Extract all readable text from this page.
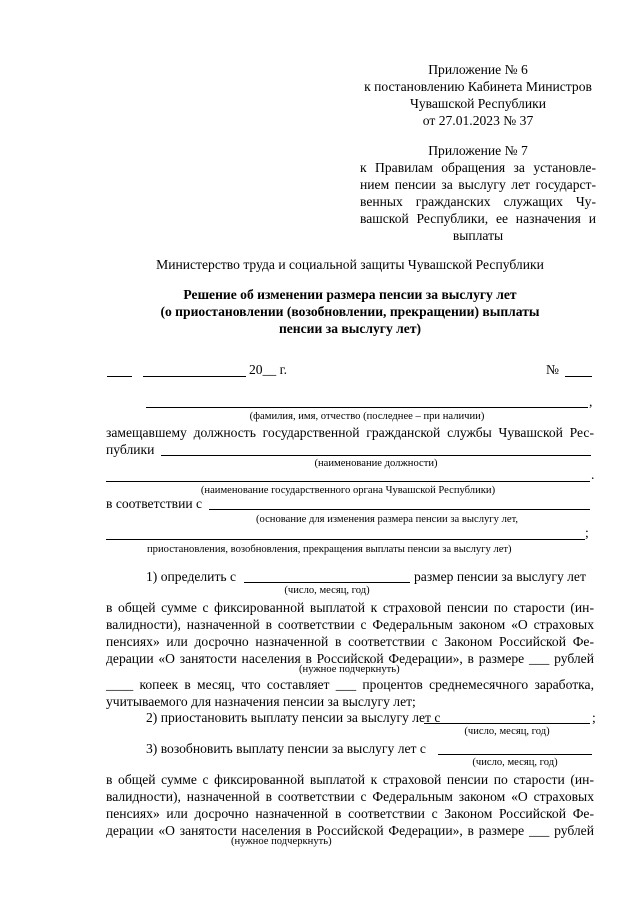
Приложение № 6
к постановлению Кабинета Министров
Чувашской Республики
от 27.01.2023 № 37
Приложение № 7
к Правилам обращения за установле-
нием пенсии за выслугу лет государст-
венных гражданских служащих Чу-
вашской Республики, ее назначения и
выплаты
Министерство труда и социальной защиты Чувашской Республики
Решение об изменении размера пенсии за выслугу лет
(о приостановлении (возобновлении, прекращении) выплаты
пенсии за выслугу лет)
20__ г.	№
,
(фамилия, имя, отчество (последнее – при наличии)
замещавшему должность государственной гражданской службы Чувашской Рес-
публики
(наименование должности)
.
(наименование государственного органа Чувашской Республики)
в соответствии с
(основание для изменения размера пенсии за выслугу лет,
;
приостановления, возобновления, прекращения выплаты пенсии за выслугу лет)
1) определить с	размер пенсии за выслугу лет
(число, месяц, год)
в общей сумме с фиксированной выплатой к страховой пенсии по старости (ин-
валидности), назначенной в соответствии с Федеральным законом «О страховых
пенсиях» или досрочно назначенной в соответствии с Законом Российской Фе-
дерации «О занятости населения в Российской Федерации», в размере ___ рублей
(нужное подчеркнуть)
____ копеек в месяц, что составляет ___ процентов среднемесячного заработка,
учитываемого для назначения пенсии за выслугу лет;
2) приостановить выплату пенсии за выслугу лет с	;
(число, месяц, год)
3) возобновить выплату пенсии за выслугу лет с
(число, месяц, год)
в общей сумме с фиксированной выплатой к страховой пенсии по старости (ин-
валидности), назначенной в соответствии с Федеральным законом «О страховых
пенсиях» или досрочно назначенной в соответствии с Законом Российской Фе-
дерации «О занятости населения в Российской Федерации», в размере ___ рублей
(нужное подчеркнуть)
